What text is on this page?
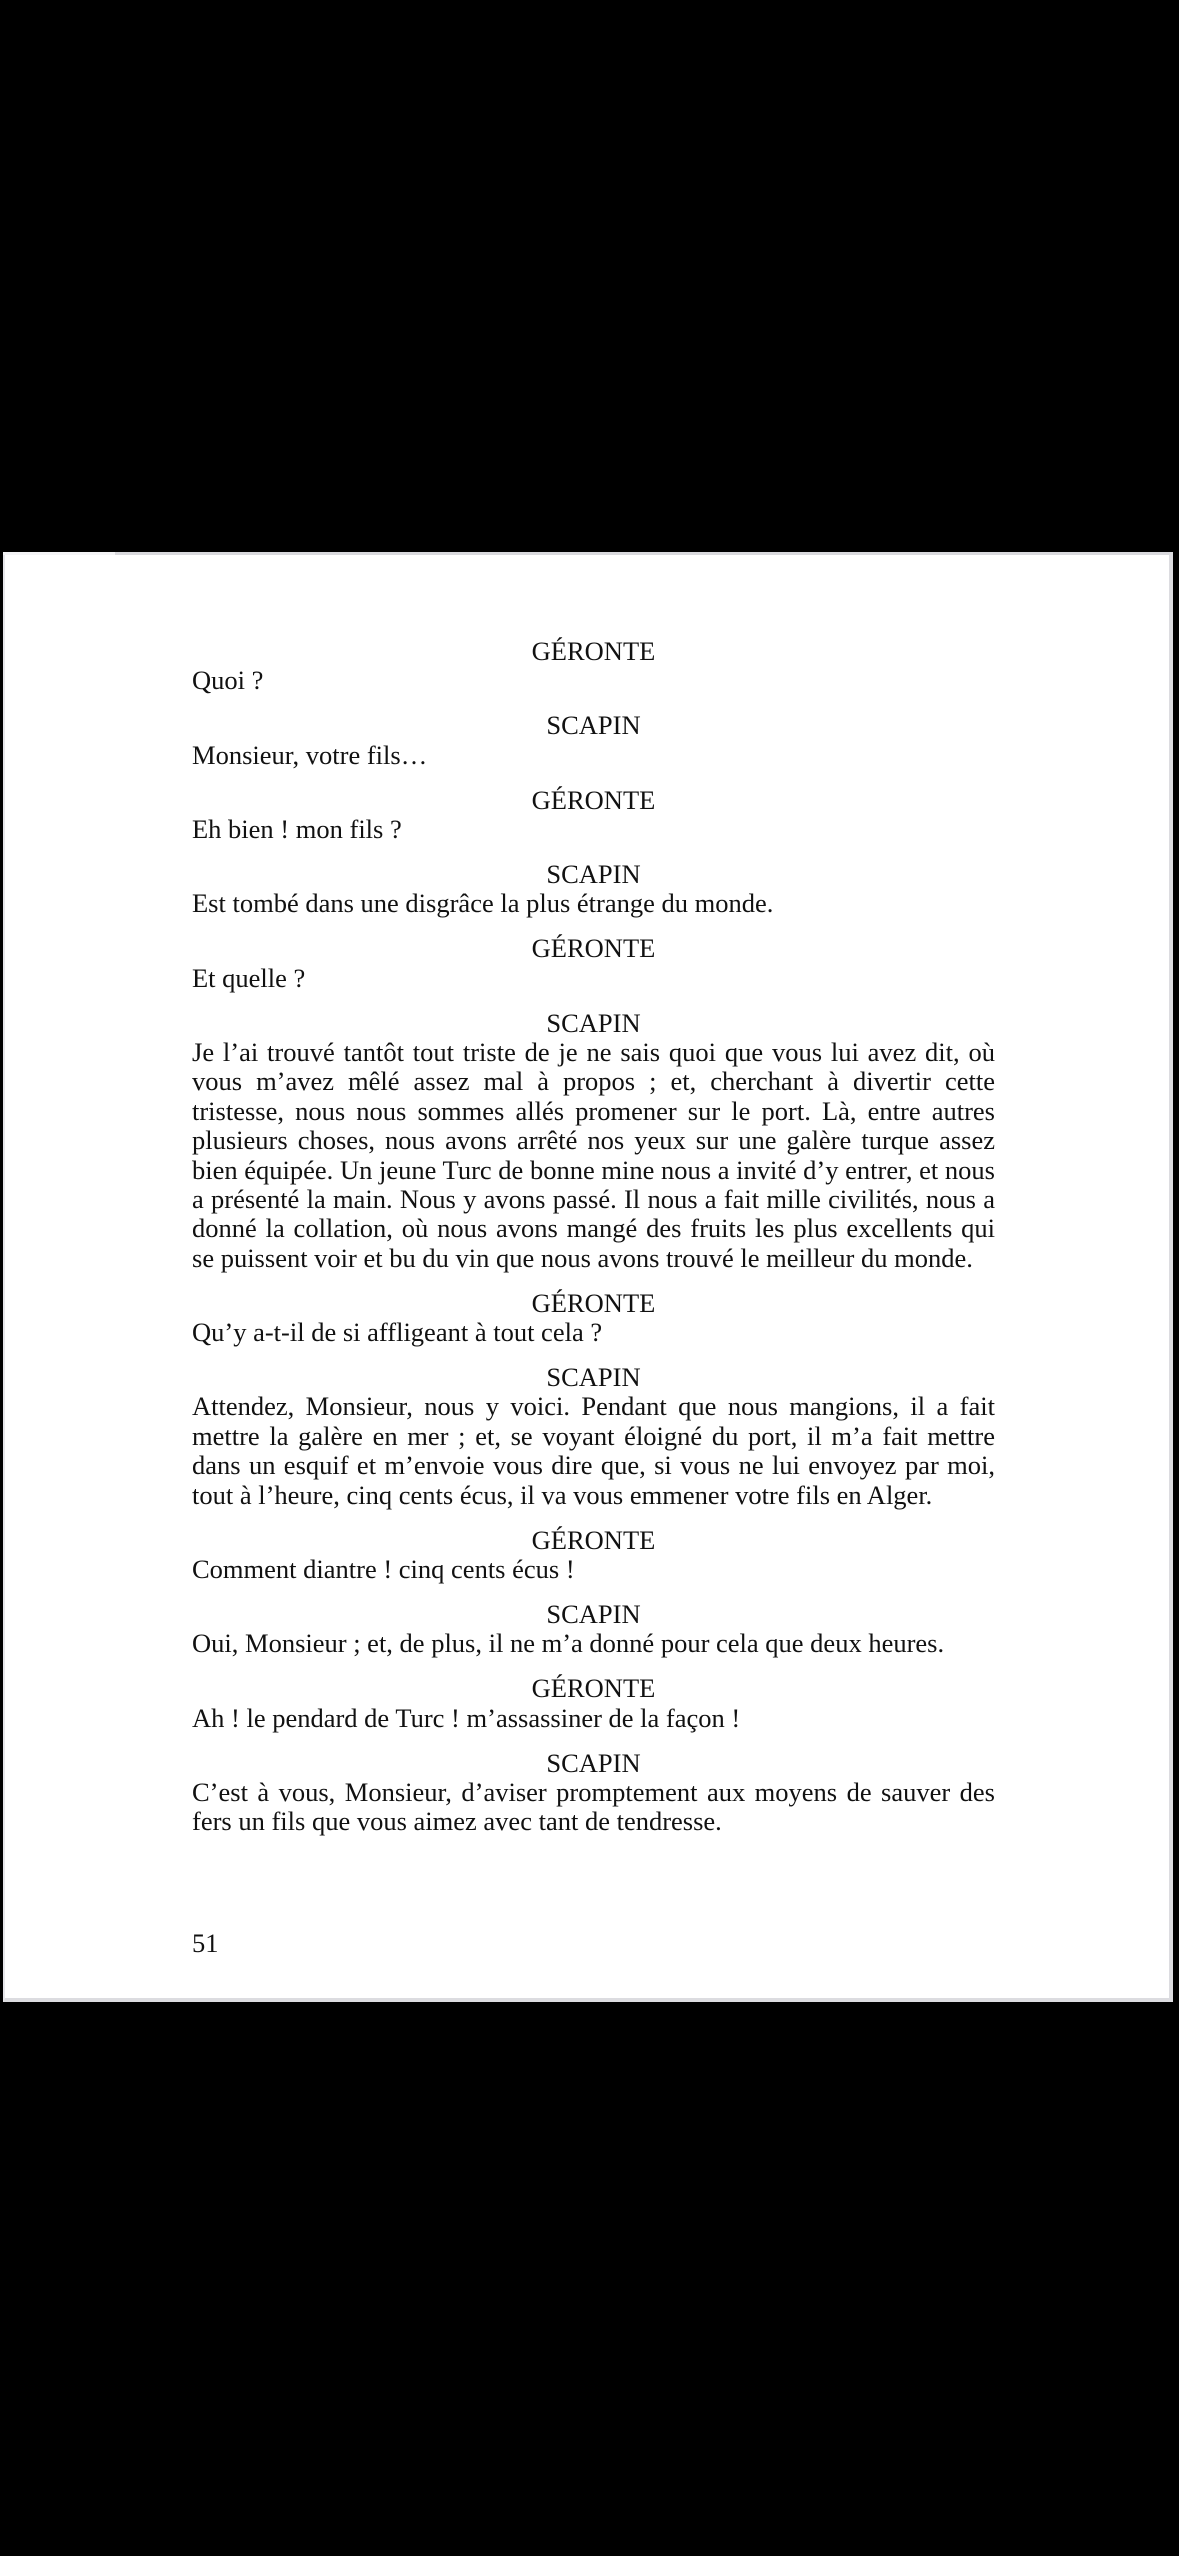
GÉRONTE

Quoi ?

SCAPIN

Monsieur, votre fils…

GÉRONTE

Eh bien ! mon fils ?

SCAPIN

Est tombé dans une disgrâce la plus étrange du monde.

GÉRONTE

Et quelle ?

SCAPIN

Je l’ai trouvé tantôt tout triste de je ne sais quoi que vous lui avez dit, où vous m’avez mêlé assez mal à propos ; et, cherchant à divertir cette tristesse, nous nous sommes allés promener sur le port. Là, entre autres plusieurs choses, nous avons arrêté nos yeux sur une galère turque assez bien équipée. Un jeune Turc de bonne mine nous a invité d’y entrer, et nous a présenté la main. Nous y avons passé. Il nous a fait mille civilités, nous a donné la collation, où nous avons mangé des fruits les plus excellents qui se puissent voir et bu du vin que nous avons trouvé le meilleur du monde.

GÉRONTE

Qu’y a-t-il de si affligeant à tout cela ?

SCAPIN

Attendez, Monsieur, nous y voici. Pendant que nous mangions, il a fait mettre la galère en mer ; et, se voyant éloigné du port, il m’a fait mettre dans un esquif et m’envoie vous dire que, si vous ne lui envoyez par moi, tout à l’heure, cinq cents écus, il va vous emmener votre fils en Alger.

GÉRONTE

Comment diantre ! cinq cents écus !

SCAPIN

Oui, Monsieur ; et, de plus, il ne m’a donné pour cela que deux heures.

GÉRONTE

Ah ! le pendard de Turc ! m’assassiner de la façon !

SCAPIN

C’est à vous, Monsieur, d’aviser promptement aux moyens de sauver des fers un fils que vous aimez avec tant de tendresse.

51
